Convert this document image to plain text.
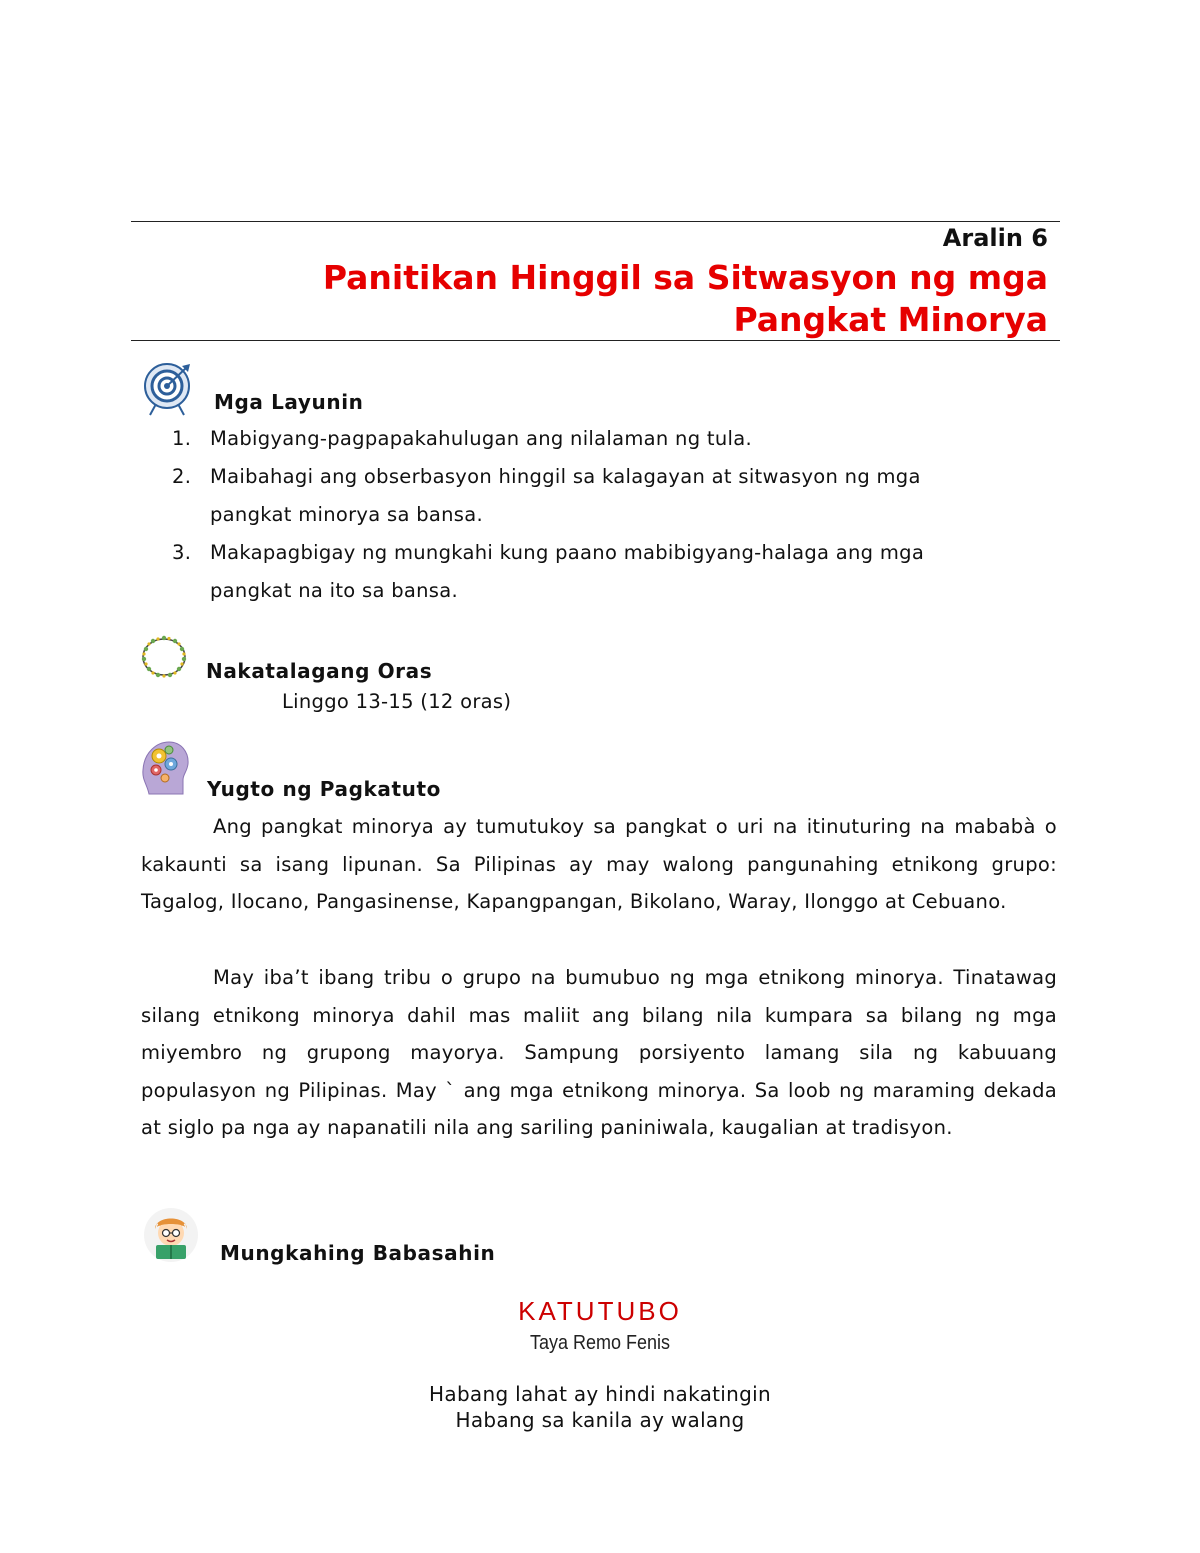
Aralin 6
Panitikan Hinggil sa Sitwasyon ng mga
Pangkat Minorya
Mga Layunin
1. Mabigyang-pagpapakahulugan ang nilalaman ng tula.
2. Maibahagi ang obserbasyon hinggil sa kalagayan at sitwasyon ng mga pangkat minorya sa bansa.
3. Makapagbigay ng mungkahi kung paano mabibigyang-halaga ang mga pangkat na ito sa bansa.
Nakatalagang Oras
Linggo 13-15 (12 oras)
Yugto ng Pagkatuto

Ang pangkat minorya ay tumutukoy sa pangkat o uri na itinuturing na mababà o kakaunti sa isang lipunan. Sa Pilipinas ay may walong pangunahing etnikong grupo: Tagalog, Ilocano, Pangasinense, Kapangpangan, Bikolano, Waray, Ilonggo at Cebuano.

May iba’t ibang tribu o grupo na bumubuo ng mga etnikong minorya. Tinatawag silang etnikong minorya dahil mas maliit ang bilang nila kumpara sa bilang ng mga miyembro ng grupong mayorya. Sampung porsiyento lamang sila ng kabuuang populasyon ng Pilipinas. May ` ang mga etnikong minorya. Sa loob ng maraming dekada at siglo pa nga ay napanatili nila ang sariling paniniwala, kaugalian at tradisyon.

Mungkahing Babasahin
KATUTUBO
Taya Remo Fenis
Habang lahat ay hindi nakatingin
Habang sa kanila ay walang
